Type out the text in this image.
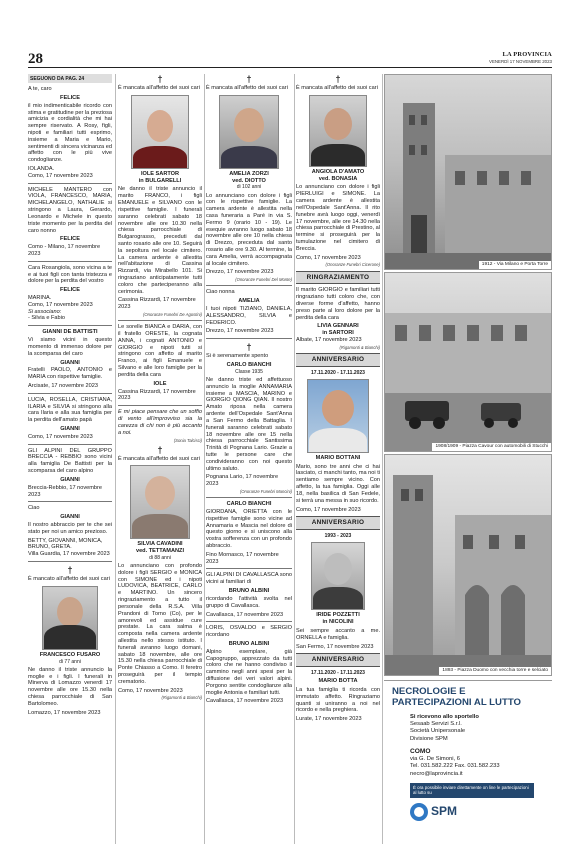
28	LA PROVINCIA
VENERDÌ 17 NOVEMBRE 2023
SEGUONO DA PAG. 24
A te, caro
FELICE
il mio indimenticabile ricordo con stima e gratitudine per la preziosa amicizia e cordialità che mi hai sempre riservato. A Rosy, figli, nipoti e familiari tutti esprimo, insieme a Maria e Mario, sentimenti di sincera vicinanza ed affetto con le più vive condoglianze.
IOLANDA.
Como, 17 novembre 2023
MICHELE MANTERO con VIOLA, FRANCESCO, MARIA, MICHELANGELO, NATHALIE si stringono a Laura, Gerardo, Leonardo e Michele in questo triste momento per la perdita del caro nonno
FELICE
Como - Milano, 17 novembre 2023
Cara Rosangiola, sono vicina a te e ai tuoi figli con tanta tristezza e dolore per la perdita del vostro
FELICE
MARINA.
Como, 17 novembre 2023
Si associano:
- Silvia e Fabio
GIANNI DE BATTISTI
Vi siamo vicini in questo momento di immenso dolore per la scomparsa del caro
GIANNI
Fratelli PAOLO, ANTONIO e MARIA con rispettive famiglie.
Arcisate, 17 novembre 2023
LUCIA, ROSELLA, CRISTIANA, ILARIA e SILVIA si stringono alla cara Ilaria e alla sua famiglia per la perdita dell'amato papà
GIANNI
Como, 17 novembre 2023
GLI ALPINI DEL GRUPPO BRECCIA - REBBIO sono vicini alla famiglia De Battisti per la scomparsa del caro alpino
GIANNI
Breccia-Rebbio, 17 novembre 2023
Ciao
GIANNI
Il nostro abbraccio per te che sei stato per noi un amico prezioso.
BETTY, GIOVANNI, MONICA, BRUNO, GRETA.
Villa Guardia, 17 novembre 2023
†
È mancato all'affetto dei suoi cari
FRANCESCO FUSARO
di 77 anni
Ne danno il triste annuncio la moglie e i figli. I funerali in Minerva di Lomazzo venerdì 17 novembre alle ore 15.30 nella chiesa parrocchiale di San Bartolomeo.
Lomazzo, 17 novembre 2023
†
È mancata all'affetto dei suoi cari
IOLE SARTOR
in BULGARELLI
Ne danno il triste annuncio il marito FRANCO, i figli EMANUELE e SILVANO con le rispettive famiglie. I funerali saranno celebrati sabato 18 novembre alle ore 10.30 nella chiesa parrocchiale di Bulgarograsso, preceduti dal santo rosario alle ore 10. Seguirà la sepoltura nel locale cimitero. La camera ardente è allestita nell'abitazione di Cassina Rizzardi, via Mirabello 101. Si ringraziano anticipatamente tutti coloro che parteciperanno alla cerimonia.
Cassina Rizzardi, 17 novembre 2023
(Onoranze Funebri De Agostini)
Le sorelle BIANCA e DARIA, con il fratello ORESTE, la cognata ANNA, i cognati ANTONIO e GIORGIO e nipoti tutti si stringono con affetto al marito Franco, ai figli Emanuele e Silvano e alle loro famiglie per la perdita della cara
IOLE
Cassina Rizzardi, 17 novembre 2023
E mi piace pensare che un soffio di vento all'improvviso sia la carezza di chi non è più accanto a noi.
(Sonia Talcisci)
†
È mancata all'affetto dei suoi cari
SILVIA CAVADINI
ved. TETTAMANZI
di 88 anni
Lo annunciano con profondo dolore i figli SERGIO e MONICA con SIMONE ed i nipoti LUDOVICA, BEATRICE, CARLO e MARTINO. Un sincero ringraziamento a tutto il personale della R.S.A. Villa Prandoni di Torno (Co), per le amorevoli ed assidue cure prestate. La cara salma è composta nella camera ardente allestita nello stesso istituto. I funerali avranno luogo domani, sabato 18 novembre, alle ore 15.30 nella chiesa parrocchiale di Ponte Chiasso a Como. Il feretro proseguirà per il tempio crematorio.
Como, 17 novembre 2023
(Rigamonti & Bianchi)
†
È mancata all'affetto dei suoi cari
AMELIA ZORZI
ved. DIOTTO
di 102 anni
Lo annunciano con dolore i figli con le rispettive famiglie. La camera ardente è allestita nella casa funeraria a Paré in via S. Fermo 9 (orario 10 - 19). Le esequie avranno luogo sabato 18 novembre alle ore 10 nella chiesa di Drezzo, preceduta dal santo rosario alle ore 9.30. Al termine, la cara Amelia, verrà accompagnata al locale cimitero.
Drezzo, 17 novembre 2023
(Onoranze Funebri Del Monte)
Ciao nonna
AMELIA
I tuoi nipoti TIZIANO, DANIELA, ALESSANDRO, SILVIA e FEDERICO.
Drezzo, 17 novembre 2023
†
Si è serenamente spento
CARLO BIANCHI
Classe 1935
Ne danno triste ed affettuoso annuncio la moglie ANNAMARIA insieme a MASCIA, MARINO e GIORGIO QIONG QIAN. Il nostro Amato riposa nella camera ardente dell'Ospedale Sant'Anna a San Fermo della Battaglia. I funerali saranno celebrati sabato 18 novembre alle ore 15 nella chiesa parrocchiale Santissima Trinità di Pognana Lario. Grazie a tutte le persone care che condivideranno con noi questo ultimo saluto.
Pognana Lario, 17 novembre 2023
(Onoranze Funebri Mancini)
CARLO BIANCHI
GIORDANA, ORIETTA con le rispettive famiglie sono vicine ad Annamaria e Mascia nel dolore di questo giorno e si uniscono alla vostra sofferenza con un profondo abbraccio.
Fino Mornasco, 17 novembre 2023
GLI ALPINI DI CAVALLASCA sono vicini ai familiari di
BRUNO ALBINI
ricordando l'attività svolta nel gruppo di Cavallasca.
Cavallasca, 17 novembre 2023
LORIS, OSVALDO e SERGIO ricordano
BRUNO ALBINI
Alpino esemplare, già Capogruppo, apprezzato da tutti coloro che ne hanno condiviso il cammino negli anni spesi per la diffusione dei veri valori alpini. Porgono sentite condoglianze alla moglie Antonia e familiari tutti.
Cavallasca, 17 novembre 2023
†
È mancata all'affetto dei suoi cari
ANGIOLA D'AMATO
ved. BONASIA
Lo annunciano con dolore i figli PIERLUIGI e SIMONE. La camera ardente è allestita nell'Ospedale Sant'Anna. Il rito funebre avrà luogo oggi, venerdì 17 novembre, alle ore 14.30 nella chiesa parrocchiale di Prestino, al termine si proseguirà per la tumulazione nel cimitero di Breccia.
Como, 17 novembre 2023
(Onoranze Funebri Cicerone)
RINGRAZIAMENTO
Il marito GIORGIO e familiari tutti ringraziano tutti coloro che, con diverse forme d'affetto, hanno preso parte al loro dolore per la perdita della cara
LIVIA GENNARI
in SARTORI
Albate, 17 novembre 2023
(Rigamonti & Bianchi)
ANNIVERSARIO
17.11.2020 - 17.11.2023
MARIO BOTTANI
Mario, sono tre anni che ci hai lasciato, ci manchi tanto, ma noi ti sentiamo sempre vicino. Con affetto, la tua famiglia. Oggi alle 18, nella basilica di San Fedele, si terrà una messa in suo ricordo.
Como, 17 novembre 2023
ANNIVERSARIO
1993 - 2023
IRIDE POZZETTI
in NICOLINI
Sei sempre accanto a me. ORNELLA e famiglia.
San Fermo, 17 novembre 2023
ANNIVERSARIO
17.11.2020 - 17.11.2023
MARIO BOTTA
La tua famiglia ti ricorda con immutato affetto. Ringraziamo quanti si uniranno a noi nel ricordo e nella preghiera.
Lurate, 17 novembre 2023
1912 - Via Milano e Porta Torre
1908/1909 - Piazza Cavour con automobili di Stucchi
1893 - Piazza Duomo con vecchia torre e selciato
NECROLOGIE E
PARTECIPAZIONI AL LUTTO
Si ricevono allo sportello
Sesaab Servizi S.r.l.
Società Unipersonale
Divisione SPM
COMO
via G. De Simoni, 6
Tel. 031.582.222 Fax. 031.582.233
necro@laprovincia.it
È ora possibile inviare direttamente on line le partecipazioni al lutto su
SPM
